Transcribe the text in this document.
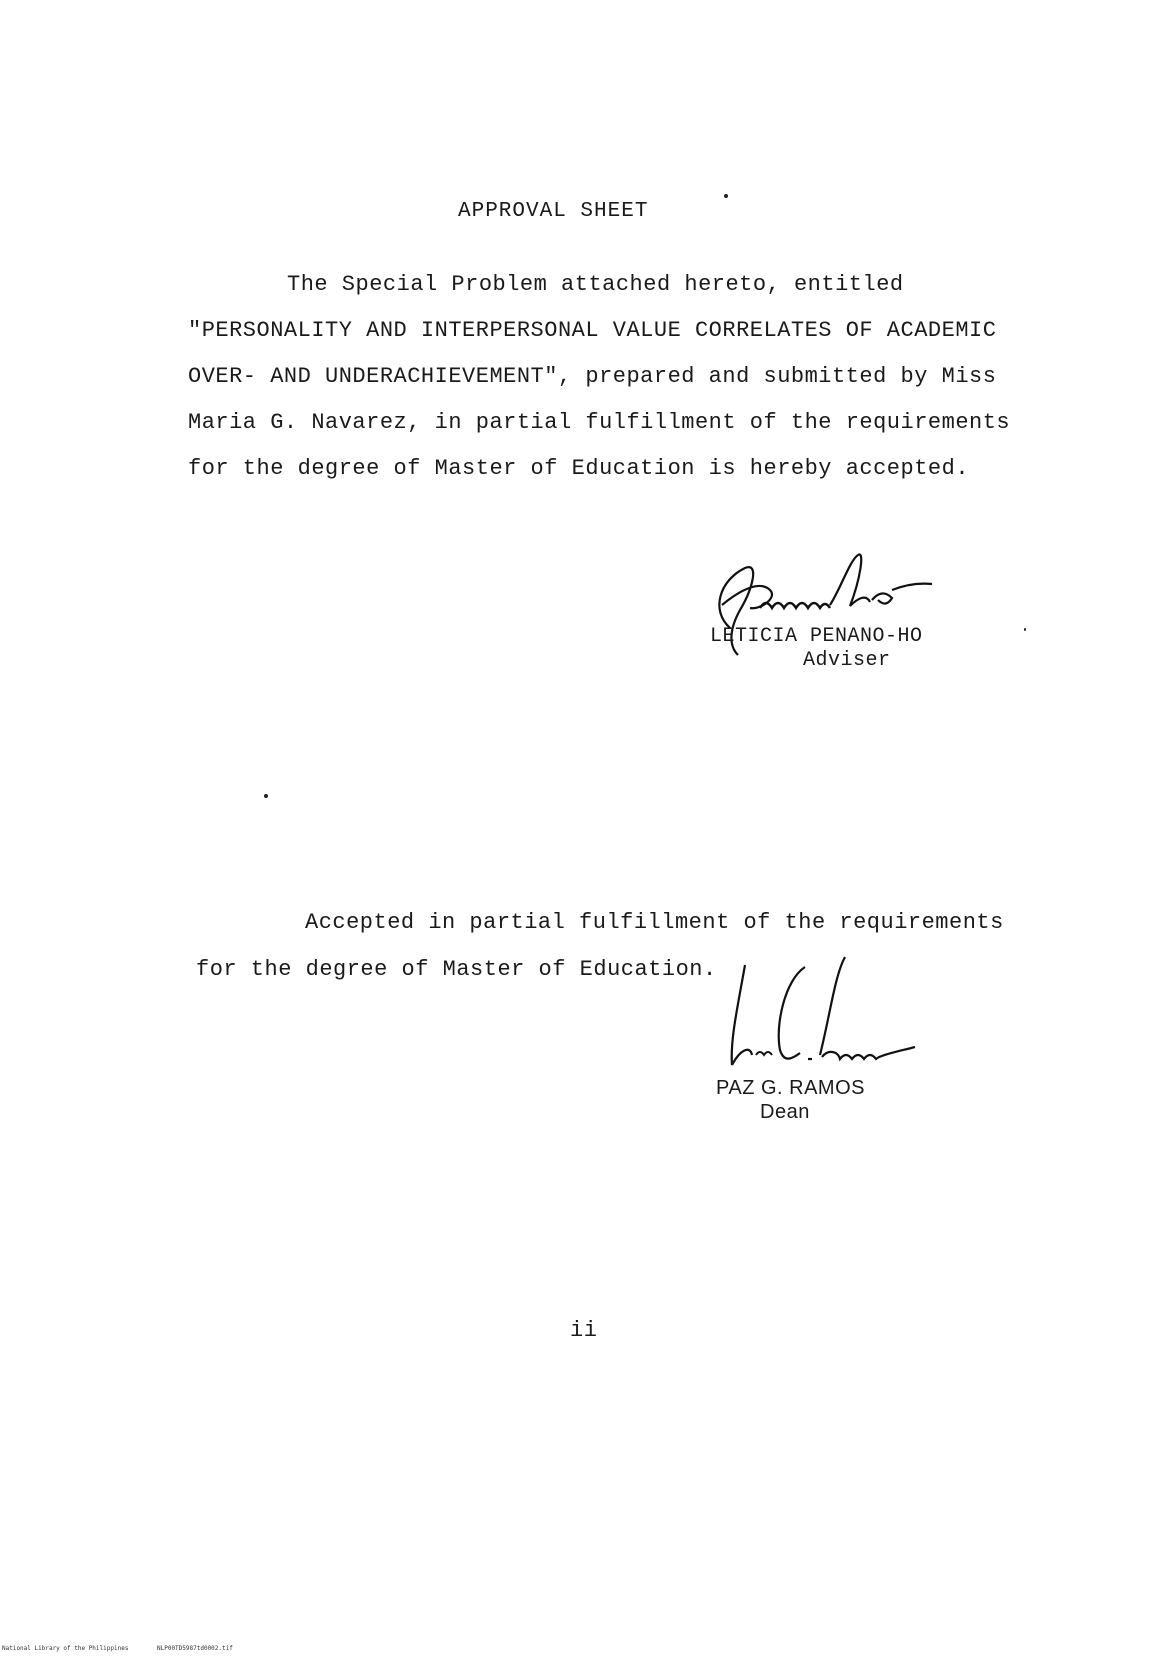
APPROVAL SHEET
The Special Problem attached hereto, entitled
"PERSONALITY AND INTERPERSONAL VALUE CORRELATES OF ACADEMIC
OVER- AND UNDERACHIEVEMENT", prepared and submitted by Miss
Maria G. Navarez, in partial fulfillment of the requirements
for the degree of Master of Education is hereby accepted.
LETICIA PENANO-HO
Adviser
Accepted in partial fulfillment of the requirements
for the degree of Master of Education.
PAZ G. RAMOS
Dean
ii
National Library of the Philippines	NLP00TD5987td0002.tif
